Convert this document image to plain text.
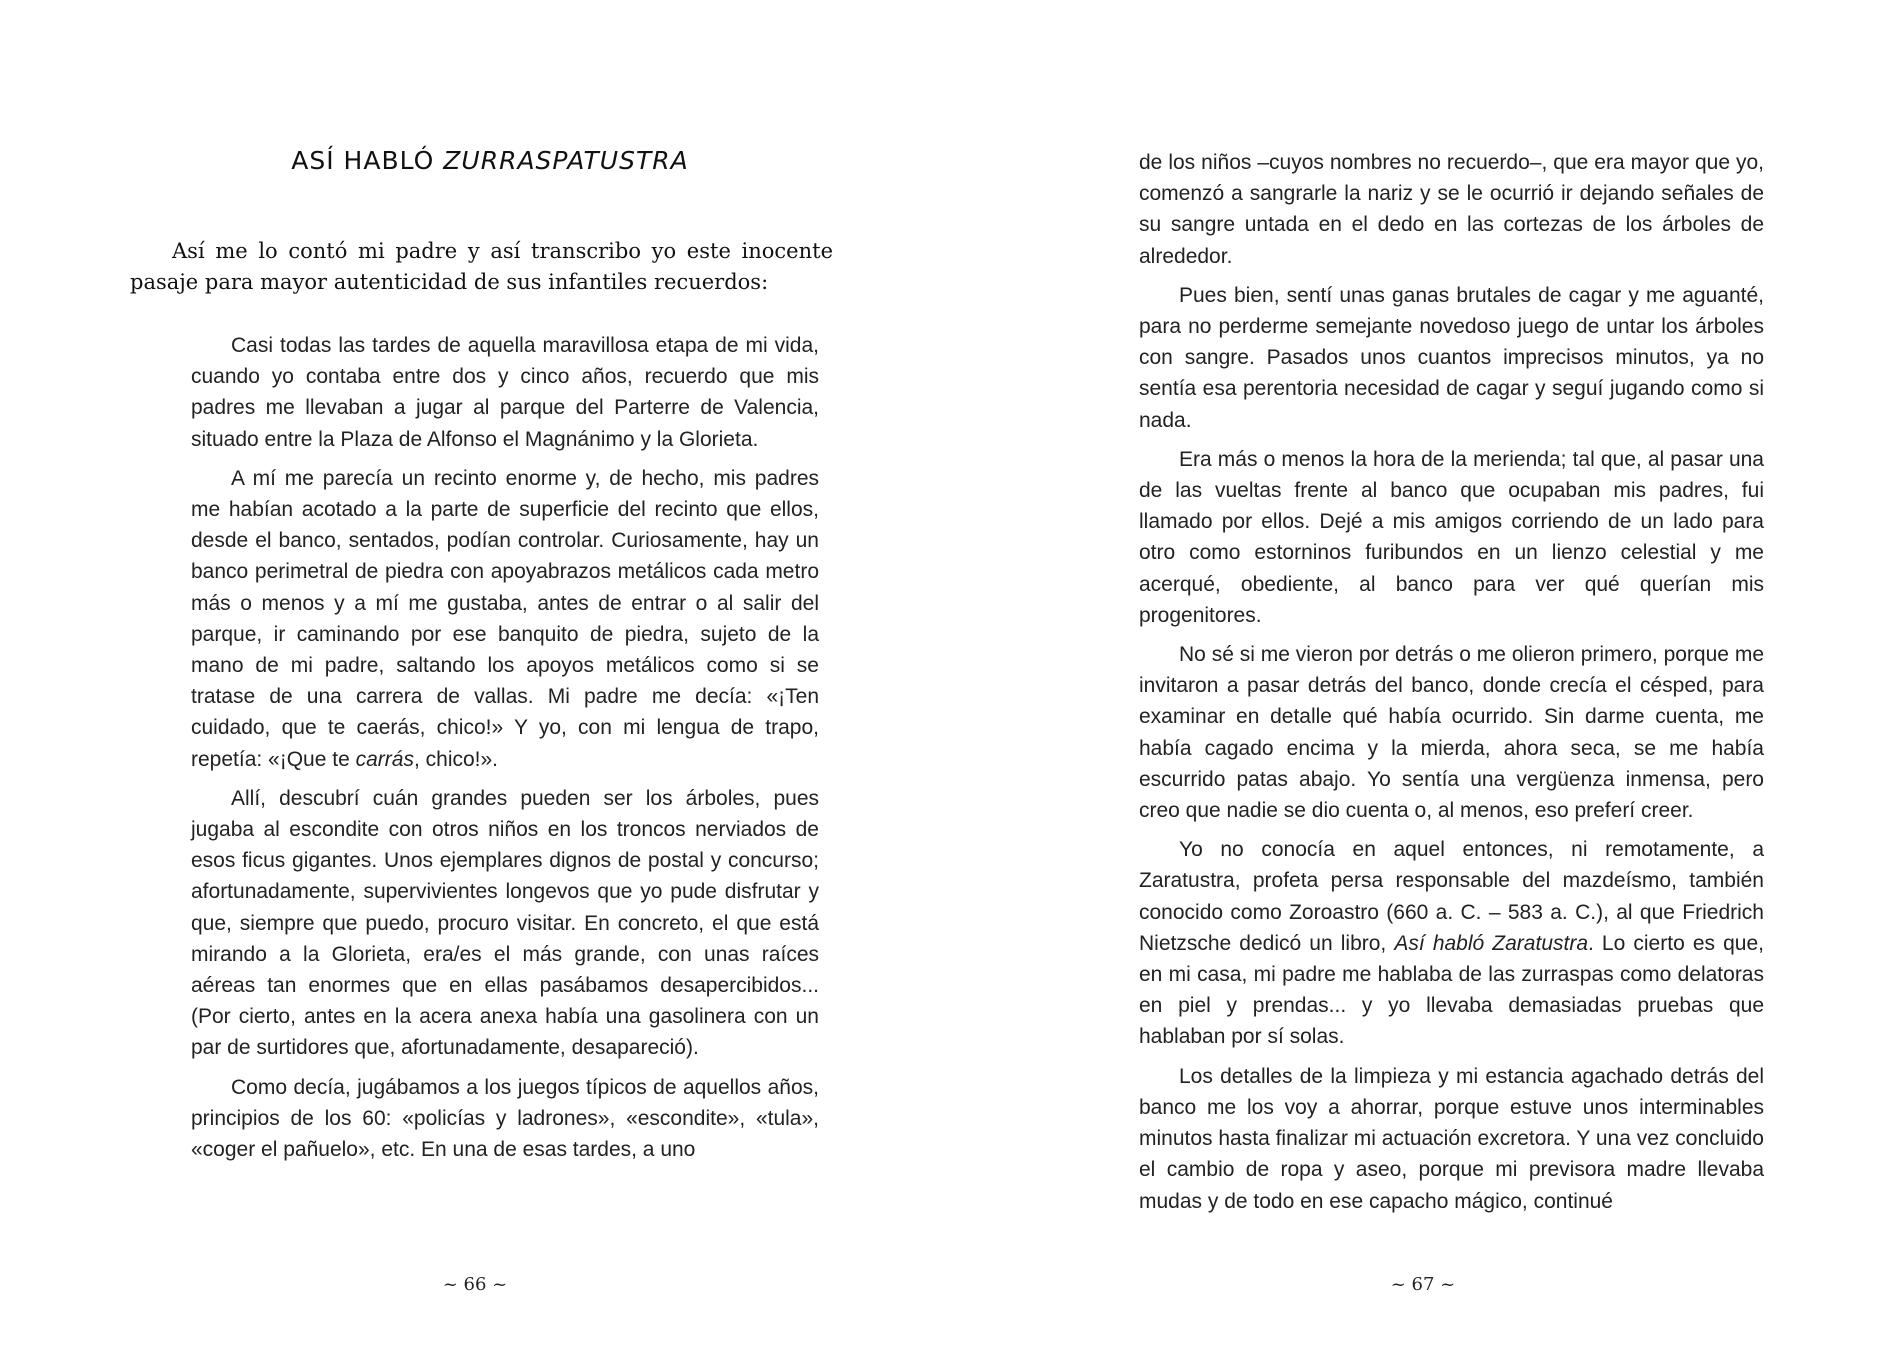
ASÍ HABLÓ ZURRASPATUSTRA

Así me lo contó mi padre y así transcribo yo este inocente pasaje para mayor autenticidad de sus infantiles recuerdos:

Casi todas las tardes de aquella maravillosa etapa de mi vida, cuando yo contaba entre dos y cinco años, recuerdo que mis padres me llevaban a jugar al parque del Parterre de Valencia, situado entre la Plaza de Alfonso el Magnánimo y la Glorieta.

A mí me parecía un recinto enorme y, de hecho, mis padres me habían acotado a la parte de superficie del recinto que ellos, desde el banco, sentados, podían controlar. Curiosamente, hay un banco perimetral de piedra con apoyabrazos metálicos cada metro más o menos y a mí me gustaba, antes de entrar o al salir del parque, ir caminando por ese banquito de piedra, sujeto de la mano de mi padre, saltando los apoyos metálicos como si se tratase de una carrera de vallas. Mi padre me decía: «¡Ten cuidado, que te caerás, chico!» Y yo, con mi lengua de trapo, repetía: «¡Que te carrás, chico!».

Allí, descubrí cuán grandes pueden ser los árboles, pues jugaba al escondite con otros niños en los troncos nerviados de esos ficus gigantes. Unos ejemplares dignos de postal y concurso; afortunadamente, supervivientes longevos que yo pude disfrutar y que, siempre que puedo, procuro visitar. En concreto, el que está mirando a la Glorieta, era/es el más grande, con unas raíces aéreas tan enormes que en ellas pasábamos desapercibidos... (Por cierto, antes en la acera anexa había una gasolinera con un par de surtidores que, afortunadamente, desapareció).

Como decía, jugábamos a los juegos típicos de aquellos años, principios de los 60: «policías y ladrones», «escondite», «tula», «coger el pañuelo», etc. En una de esas tardes, a uno

~ 66 ~

de los niños –cuyos nombres no recuerdo–, que era mayor que yo, comenzó a sangrarle la nariz y se le ocurrió ir dejando señales de su sangre untada en el dedo en las cortezas de los árboles de alrededor.

Pues bien, sentí unas ganas brutales de cagar y me aguanté, para no perderme semejante novedoso juego de untar los árboles con sangre. Pasados unos cuantos imprecisos minutos, ya no sentía esa perentoria necesidad de cagar y seguí jugando como si nada.

Era más o menos la hora de la merienda; tal que, al pasar una de las vueltas frente al banco que ocupaban mis padres, fui llamado por ellos. Dejé a mis amigos corriendo de un lado para otro como estorninos furibundos en un lienzo celestial y me acerqué, obediente, al banco para ver qué querían mis progenitores.

No sé si me vieron por detrás o me olieron primero, porque me invitaron a pasar detrás del banco, donde crecía el césped, para examinar en detalle qué había ocurrido. Sin darme cuenta, me había cagado encima y la mierda, ahora seca, se me había escurrido patas abajo. Yo sentía una vergüenza inmensa, pero creo que nadie se dio cuenta o, al menos, eso preferí creer.

Yo no conocía en aquel entonces, ni remotamente, a Zaratustra, profeta persa responsable del mazdeísmo, también conocido como Zoroastro (660 a. C. – 583 a. C.), al que Friedrich Nietzsche dedicó un libro, Así habló Zaratustra. Lo cierto es que, en mi casa, mi padre me hablaba de las zurraspas como delatoras en piel y prendas... y yo llevaba demasiadas pruebas que hablaban por sí solas.

Los detalles de la limpieza y mi estancia agachado detrás del banco me los voy a ahorrar, porque estuve unos interminables minutos hasta finalizar mi actuación excretora. Y una vez concluido el cambio de ropa y aseo, porque mi previsora madre llevaba mudas y de todo en ese capacho mágico, continué

~ 67 ~
